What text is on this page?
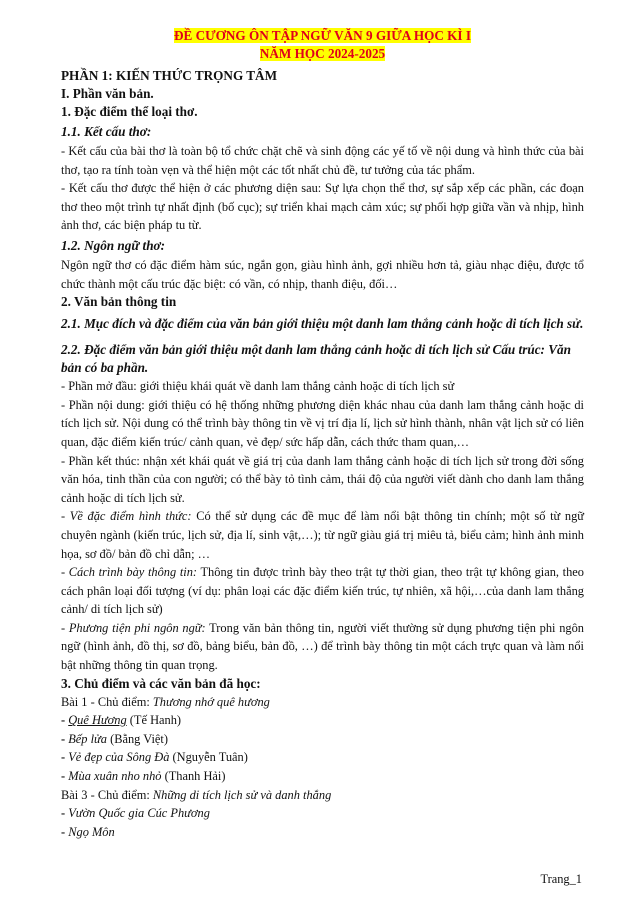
ĐỀ CƯƠNG ÔN TẬP NGỮ VĂN 9 GIỮA HỌC KÌ I

NĂM HỌC 2024-2025

PHẦN 1: KIẾN THỨC TRỌNG TÂM

I. Phần văn bản.

1. Đặc điểm thể loại thơ.

1.1. Kết cấu thơ:

- Kết cấu của bài thơ là toàn bộ tổ chức chặt chẽ và sinh động các yế tố về nội dung và hình thức của bài thơ, tạo ra tính toàn vẹn và thể hiện một các tốt nhất chủ đề, tư tưởng của tác phẩm.

- Kết cấu thơ được thể hiện ở các phương diện sau: Sự lựa chọn thể thơ, sự sắp xếp các phần, các đoạn thơ theo một trình tự nhất định (bố cục); sự triển khai mạch cảm xúc; sự phối hợp giữa vần và nhịp, hình ảnh thơ, các biện pháp tu từ.

1.2. Ngôn ngữ thơ:

Ngôn ngữ thơ có đặc điểm hàm súc, ngắn gọn, giàu hình ảnh, gợi nhiều hơn tả, giàu nhạc điệu, được tổ chức thành một cấu trúc đặc biệt: có vần, có nhịp, thanh điệu, đối…

2. Văn bản thông tin

2.1. Mục đích và đặc điểm của văn bản giới thiệu một danh lam thắng cảnh hoặc di tích lịch sử.

2.2. Đặc điểm văn bản giới thiệu một danh lam thắng cảnh hoặc di tích lịch sử Cấu trúc: Văn bản có ba phần.

- Phần mở đầu: giới thiệu khái quát về danh lam thắng cảnh hoặc di tích lịch sử

- Phần nội dung: giới thiệu có hệ thống những phương diện khác nhau của danh lam thắng cảnh hoặc di tích lịch sử. Nội dung có thể trình bày thông tin về vị trí địa lí, lịch sử hình thành, nhân vật lịch sử có liên quan, đặc điểm kiến trúc/ cảnh quan, vẻ đẹp/ sức hấp dẫn, cách thức tham quan,…

- Phần kết thúc: nhận xét khái quát về giá trị của danh lam thắng cảnh hoặc di tích lịch sử trong đời sống văn hóa, tinh thần của con người; có thể bày tỏ tình cảm, thái độ của người viết dành cho danh lam thắng cảnh hoặc di tích lịch sử.

- Về đặc điểm hình thức: Có thể sử dụng các đề mục để làm nổi bật thông tin chính; một số từ ngữ chuyên ngành (kiến trúc, lịch sử, địa lí, sinh vật,…); từ ngữ giàu giá trị miêu tả, biểu cảm; hình ảnh minh họa, sơ đồ/ bản đồ chỉ dẫn; …

- Cách trình bày thông tin: Thông tin được trình bày theo trật tự thời gian, theo trật tự không gian, theo cách phân loại đối tượng (ví dụ: phân loại các đặc điểm kiến trúc, tự nhiên, xã hội,…của danh lam thắng cảnh/ di tích lịch sử)

- Phương tiện phi ngôn ngữ: Trong văn bản thông tin, người viết thường sử dụng phương tiện phi ngôn ngữ (hình ảnh, đồ thị, sơ đồ, bảng biểu, bản đồ, …) để trình bày thông tin một cách trực quan và làm nổi bật những thông tin quan trọng.

3. Chủ điểm và các văn bản đã học:

Bài 1 - Chủ điểm: Thương nhớ quê hương

- Quê Hương (Tế Hanh)

- Bếp lửa (Bằng Việt)

- Vẻ đẹp của Sông Đà (Nguyễn Tuân)

- Mùa xuân nho nhỏ (Thanh Hải)

Bài 3 - Chủ điểm: Những di tích lịch sử và danh thắng

- Vườn Quốc gia Cúc Phương

- Ngọ Môn

Trang_1
